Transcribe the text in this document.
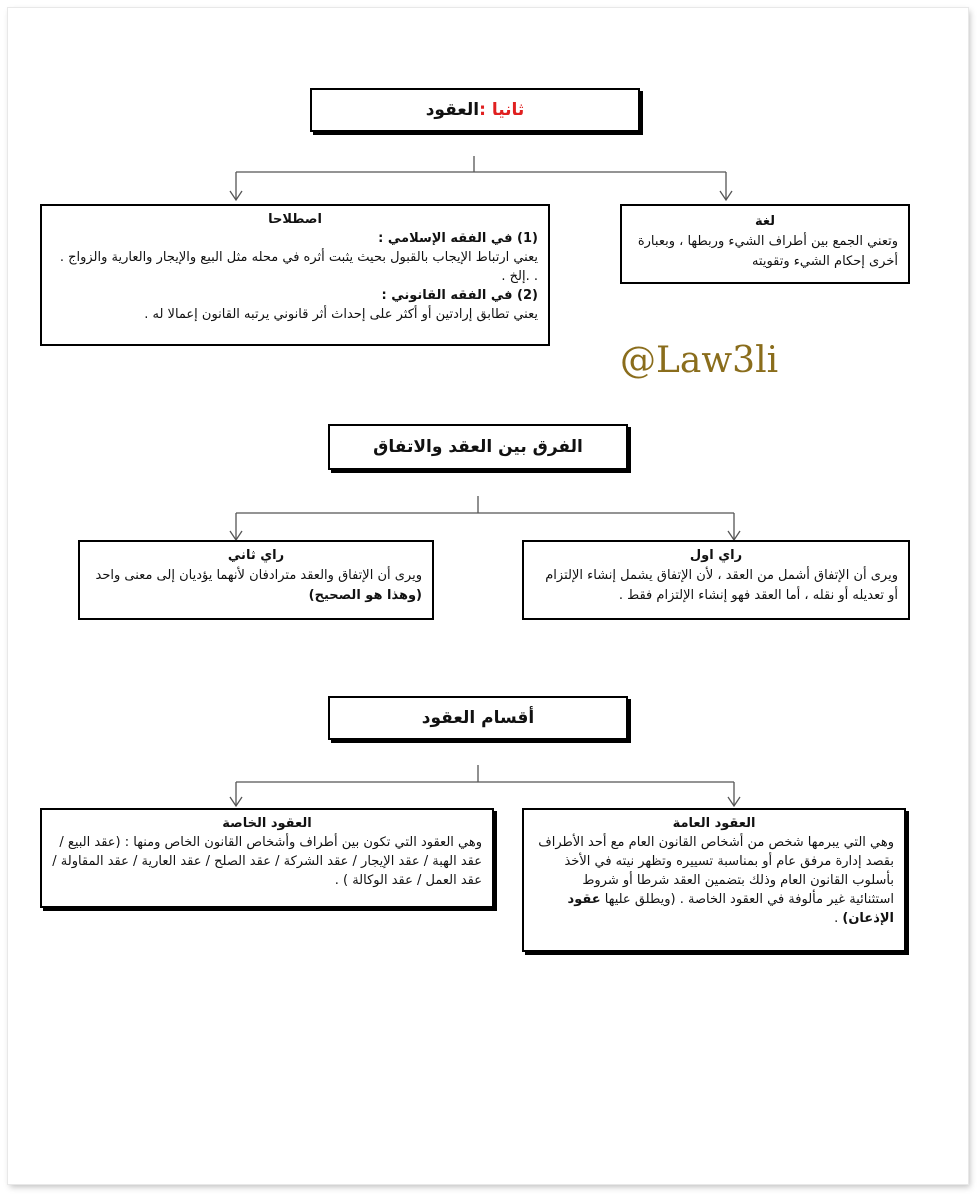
ثانيا :
العقود
لغة
وتعني الجمع بين أطراف الشيء وربطها ، وبعبارة أخرى إحكام الشيء وتقويته
اصطلاحا
(1) في الفقه الإسلامي :
يعني ارتباط الإيجاب بالقبول بحيث يثبت أثره في محله مثل البيع والإيجار والعارية والزواج . . .إلخ .
(2) في الفقه القانوني :
يعني تطابق إرادتين أو أكثر على إحداث أثر قانوني يرتبه القانون إعمالا له .
@Law3li
الفرق بين العقد والاتفاق
راي اول
ويرى أن الإتفاق أشمل من العقد ، لأن الإتفاق يشمل إنشاء الإلتزام أو تعديله أو نقله ، أما العقد فهو إنشاء الإلتزام فقط .
راي ثاني
ويرى أن الإتفاق والعقد مترادفان لأنهما يؤديان إلى معنى واحد
(وهذا هو الصحيح)
أقسام العقود
العقود العامة
وهي التي يبرمها شخص من أشخاص القانون العام مع أحد الأطراف بقصد إدارة مرفق عام أو بمناسبة تسييره وتظهر نيته في الأخذ بأسلوب القانون العام وذلك بتضمين العقد شرطا أو شروط استثنائية غير مألوفة في العقود الخاصة . (ويطلق عليها عقود الإذعان) .
العقود الخاصة
وهي العقود التي تكون بين أطراف وأشخاص القانون الخاص ومنها : (عقد البيع / عقد الهبة / عقد الإيجار / عقد الشركة / عقد الصلح / عقد العارية / عقد المقاولة / عقد العمل / عقد الوكالة ) .
